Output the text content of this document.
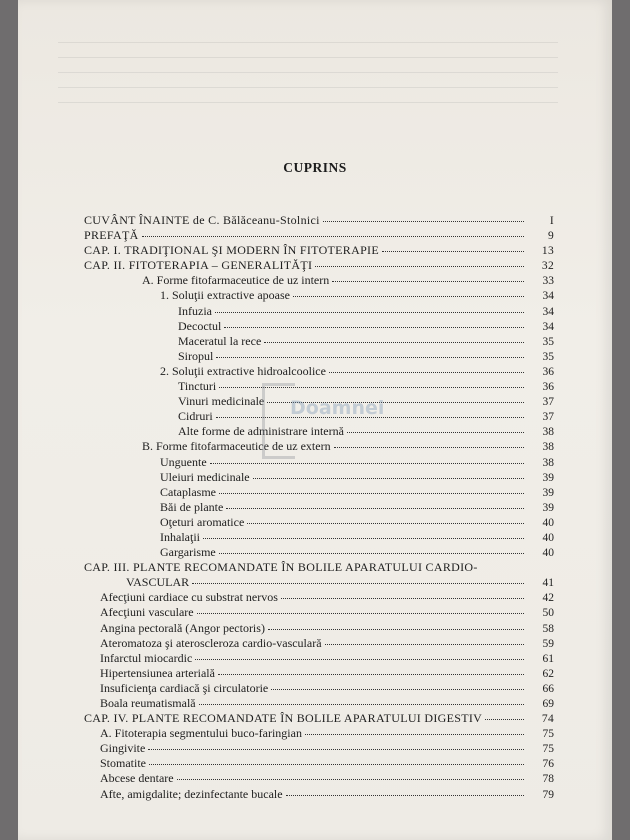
CUPRINS
CUVÂNT ÎNAINTE de C. Bălăceanu-Stolnici	I
PREFAŢĂ	9
CAP. I. TRADIŢIONAL ŞI MODERN ÎN FITOTERAPIE	13
CAP. II. FITOTERAPIA – GENERALITĂŢI	32
A. Forme fitofarmaceutice de uz intern	33
1. Soluţii extractive apoase	34
Infuzia	34
Decoctul	34
Maceratul la rece	35
Siropul	35
2. Soluţii extractive hidroalcoolice	36
Tincturi	36
Vinuri medicinale	37
Cidruri	37
Alte forme de administrare internă	38
B. Forme fitofarmaceutice de uz extern	38
Unguente	38
Uleiuri medicinale	39
Cataplasme	39
Băi de plante	39
Oţeturi aromatice	40
Inhalaţii	40
Gargarisme	40
CAP. III. PLANTE RECOMANDATE ÎN BOLILE APARATULUI CARDIO-
VASCULAR	41
Afecţiuni cardiace cu substrat nervos	42
Afecţiuni vasculare	50
Angina pectorală (Angor pectoris)	58
Ateromatoza şi ateroscleroza cardio-vasculară	59
Infarctul miocardic	61
Hipertensiunea arterială	62
Insuficienţa cardiacă şi circulatorie	66
Boala reumatismală	69
CAP. IV. PLANTE RECOMANDATE ÎN BOLILE APARATULUI DIGESTIV	74
A. Fitoterapia segmentului buco-faringian	75
Gingivite	75
Stomatite	76
Abcese dentare	78
Afte, amigdalite; dezinfectante bucale	79
Doamnei
